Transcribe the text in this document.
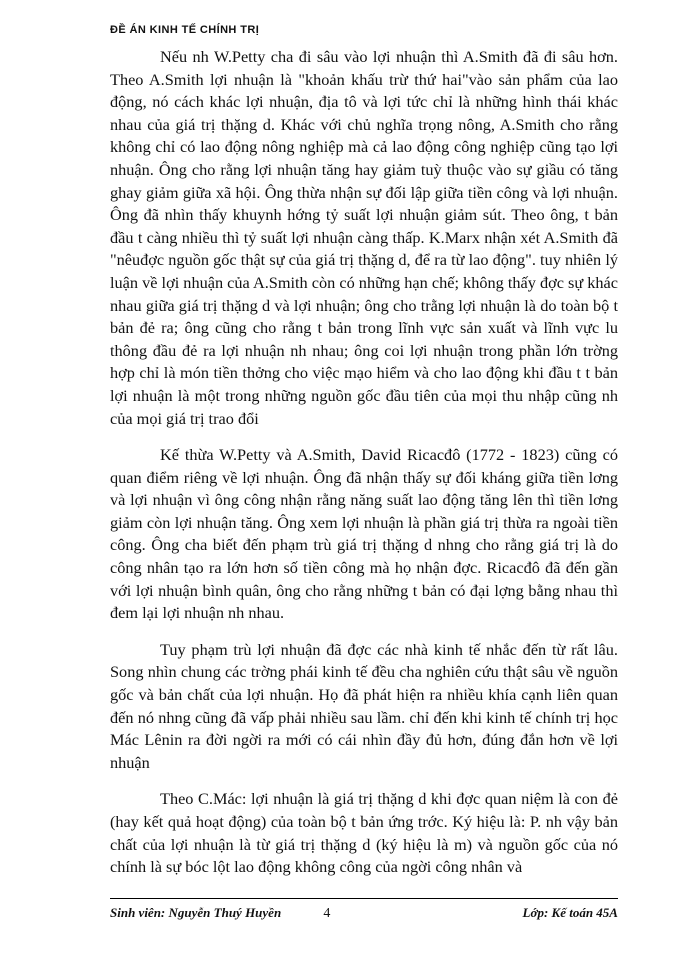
ĐỀ ÁN KINH TẾ CHÍNH TRỊ

Nếu nh W.Petty cha đi sâu vào lợi nhuận thì A.Smith đã đi sâu hơn. Theo A.Smith lợi nhuận là "khoản khấu trừ thứ hai"vào sản phẩm của lao động, nó cách khác lợi nhuận, địa tô và lợi tức chỉ là những hình thái khác nhau của giá trị thặng d. Khác với chủ nghĩa trọng nông, A.Smith cho rằng không chỉ có lao động nông nghiệp mà cả lao động công nghiệp cũng tạo lợi nhuận. Ông cho rằng lợi nhuận tăng hay giảm tuỳ thuộc vào sự giầu có tăng ghay giảm giữa xã hội. Ông thừa nhận sự đối lập giữa tiền công và lợi nhuận. Ông đã nhìn thấy khuynh hớng tỷ suất lợi nhuận giảm sút. Theo ông, t bản đầu t càng nhiều thì tỷ suất lợi nhuận càng thấp. K.Marx nhận xét A.Smith đã "nêuđợc nguồn gốc thật sự của giá trị thặng d, để ra từ lao động". tuy nhiên lý luận về lợi nhuận của A.Smith còn có những hạn chế; không thấy đợc sự khác nhau giữa giá trị thặng d và lợi nhuận; ông cho trằng lợi nhuận là do toàn bộ t bản đẻ ra; ông cũng cho rằng t bản trong lĩnh vực sản xuất và lĩnh vực lu thông đầu đẻ ra lợi nhuận nh nhau; ông coi lợi nhuận trong phần lớn trờng hợp chỉ là món tiền thởng cho việc mạo hiểm và cho lao động khi đầu t t bản lợi nhuận là một trong những nguồn gốc đầu tiên của mọi thu nhập cũng nh của mọi giá trị trao đổi

Kế thừa W.Petty và A.Smith, David Ricacđô (1772 - 1823) cũng có quan điểm riêng về lợi nhuận. Ông đã nhận thấy sự đối kháng giữa tiền lơng và lợi nhuận vì ông công nhận rằng năng suất lao động tăng lên thì tiền lơng giảm còn lợi nhuận tăng. Ông xem lợi nhuận là phần giá trị thừa ra ngoài tiền công. Ông cha biết đến phạm trù giá trị thặng d nhng cho rằng giá trị là do công nhân tạo ra lớn hơn số tiền công mà họ nhận đợc. Ricacđô đã đến gần với lợi nhuận bình quân, ông cho rằng những t bản có đại lợng bằng nhau thì đem lại lợi nhuận nh nhau.

Tuy phạm trù lợi nhuận đã đợc các nhà kinh tế nhắc đến từ rất lâu. Song nhìn chung các trờng phái kinh tế đều cha nghiên cứu thật sâu về nguồn gốc và bản chất của lợi nhuận. Họ đã phát hiện ra nhiều khía cạnh liên quan đến nó nhng cũng đã vấp phải nhiều sau lầm. chỉ đến khi kinh tế chính trị học Mác Lênin ra đời ngời ra mới có cái nhìn đầy đủ hơn, đúng đắn hơn về lợi nhuận

Theo C.Mác: lợi nhuận là giá trị thặng d khi đợc quan niệm là con đẻ (hay kết quả hoạt động) của toàn bộ t bản ứng trớc. Ký hiệu là: P. nh vậy bản chất của lợi nhuận là từ giá trị thặng d (ký hiệu là m) và nguồn gốc của nó chính là sự bóc lột lao động không công của ngời công nhân và

Sinh viên: Nguyễn Thuý Huyền	4	Lớp: Kế toán 45A
